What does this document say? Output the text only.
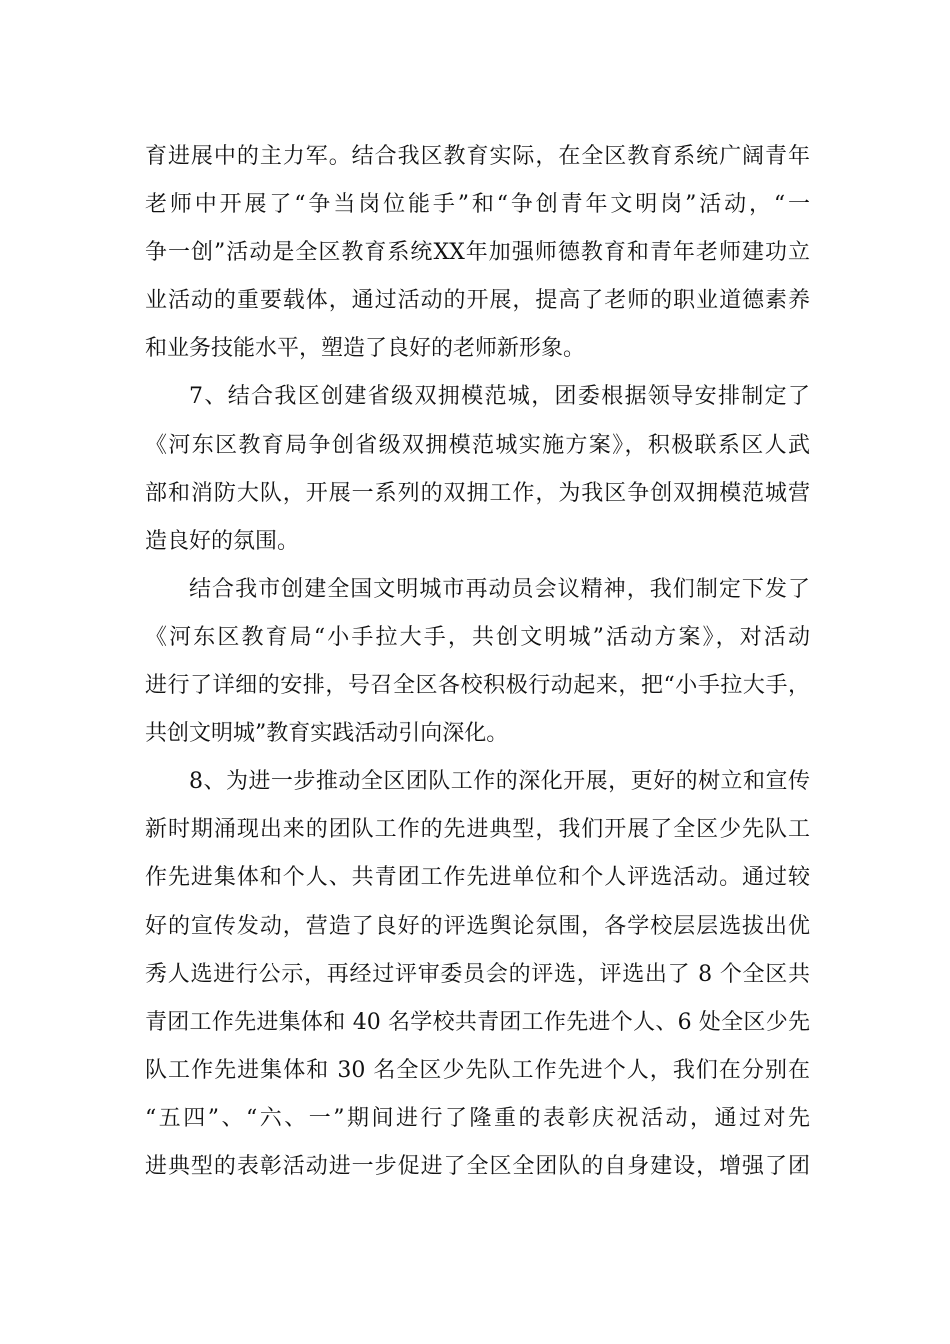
育进展中的主力军。结合我区教育实际，在全区教育系统广阔青年
老师中开展了“争当岗位能手”和“争创青年文明岗”活动，“一
争一创”活动是全区教育系统XX年加强师德教育和青年老师建功立
业活动的重要载体，通过活动的开展，提高了老师的职业道德素养
和业务技能水平，塑造了良好的老师新形象。
7、结合我区创建省级双拥模范城，团委根据领导安排制定了
《河东区教育局争创省级双拥模范城实施方案》，积极联系区人武
部和消防大队，开展一系列的双拥工作，为我区争创双拥模范城营
造良好的氛围。
结合我市创建全国文明城市再动员会议精神，我们制定下发了
《河东区教育局“小手拉大手，共创文明城”活动方案》，对活动
进行了详细的安排，号召全区各校积极行动起来，把“小手拉大手，
共创文明城”教育实践活动引向深化。
8、为进一步推动全区团队工作的深化开展，更好的树立和宣传
新时期涌现出来的团队工作的先进典型，我们开展了全区少先队工
作先进集体和个人、共青团工作先进单位和个人评选活动。通过较
好的宣传发动，营造了良好的评选舆论氛围，各学校层层选拔出优
秀人选进行公示，再经过评审委员会的评选，评选出了 8 个全区共
青团工作先进集体和 40 名学校共青团工作先进个人、6 处全区少先
队工作先进集体和 30 名全区少先队工作先进个人，我们在分别在
“五四”、“六、一”期间进行了隆重的表彰庆祝活动，通过对先
进典型的表彰活动进一步促进了全区全团队的自身建设，增强了团
